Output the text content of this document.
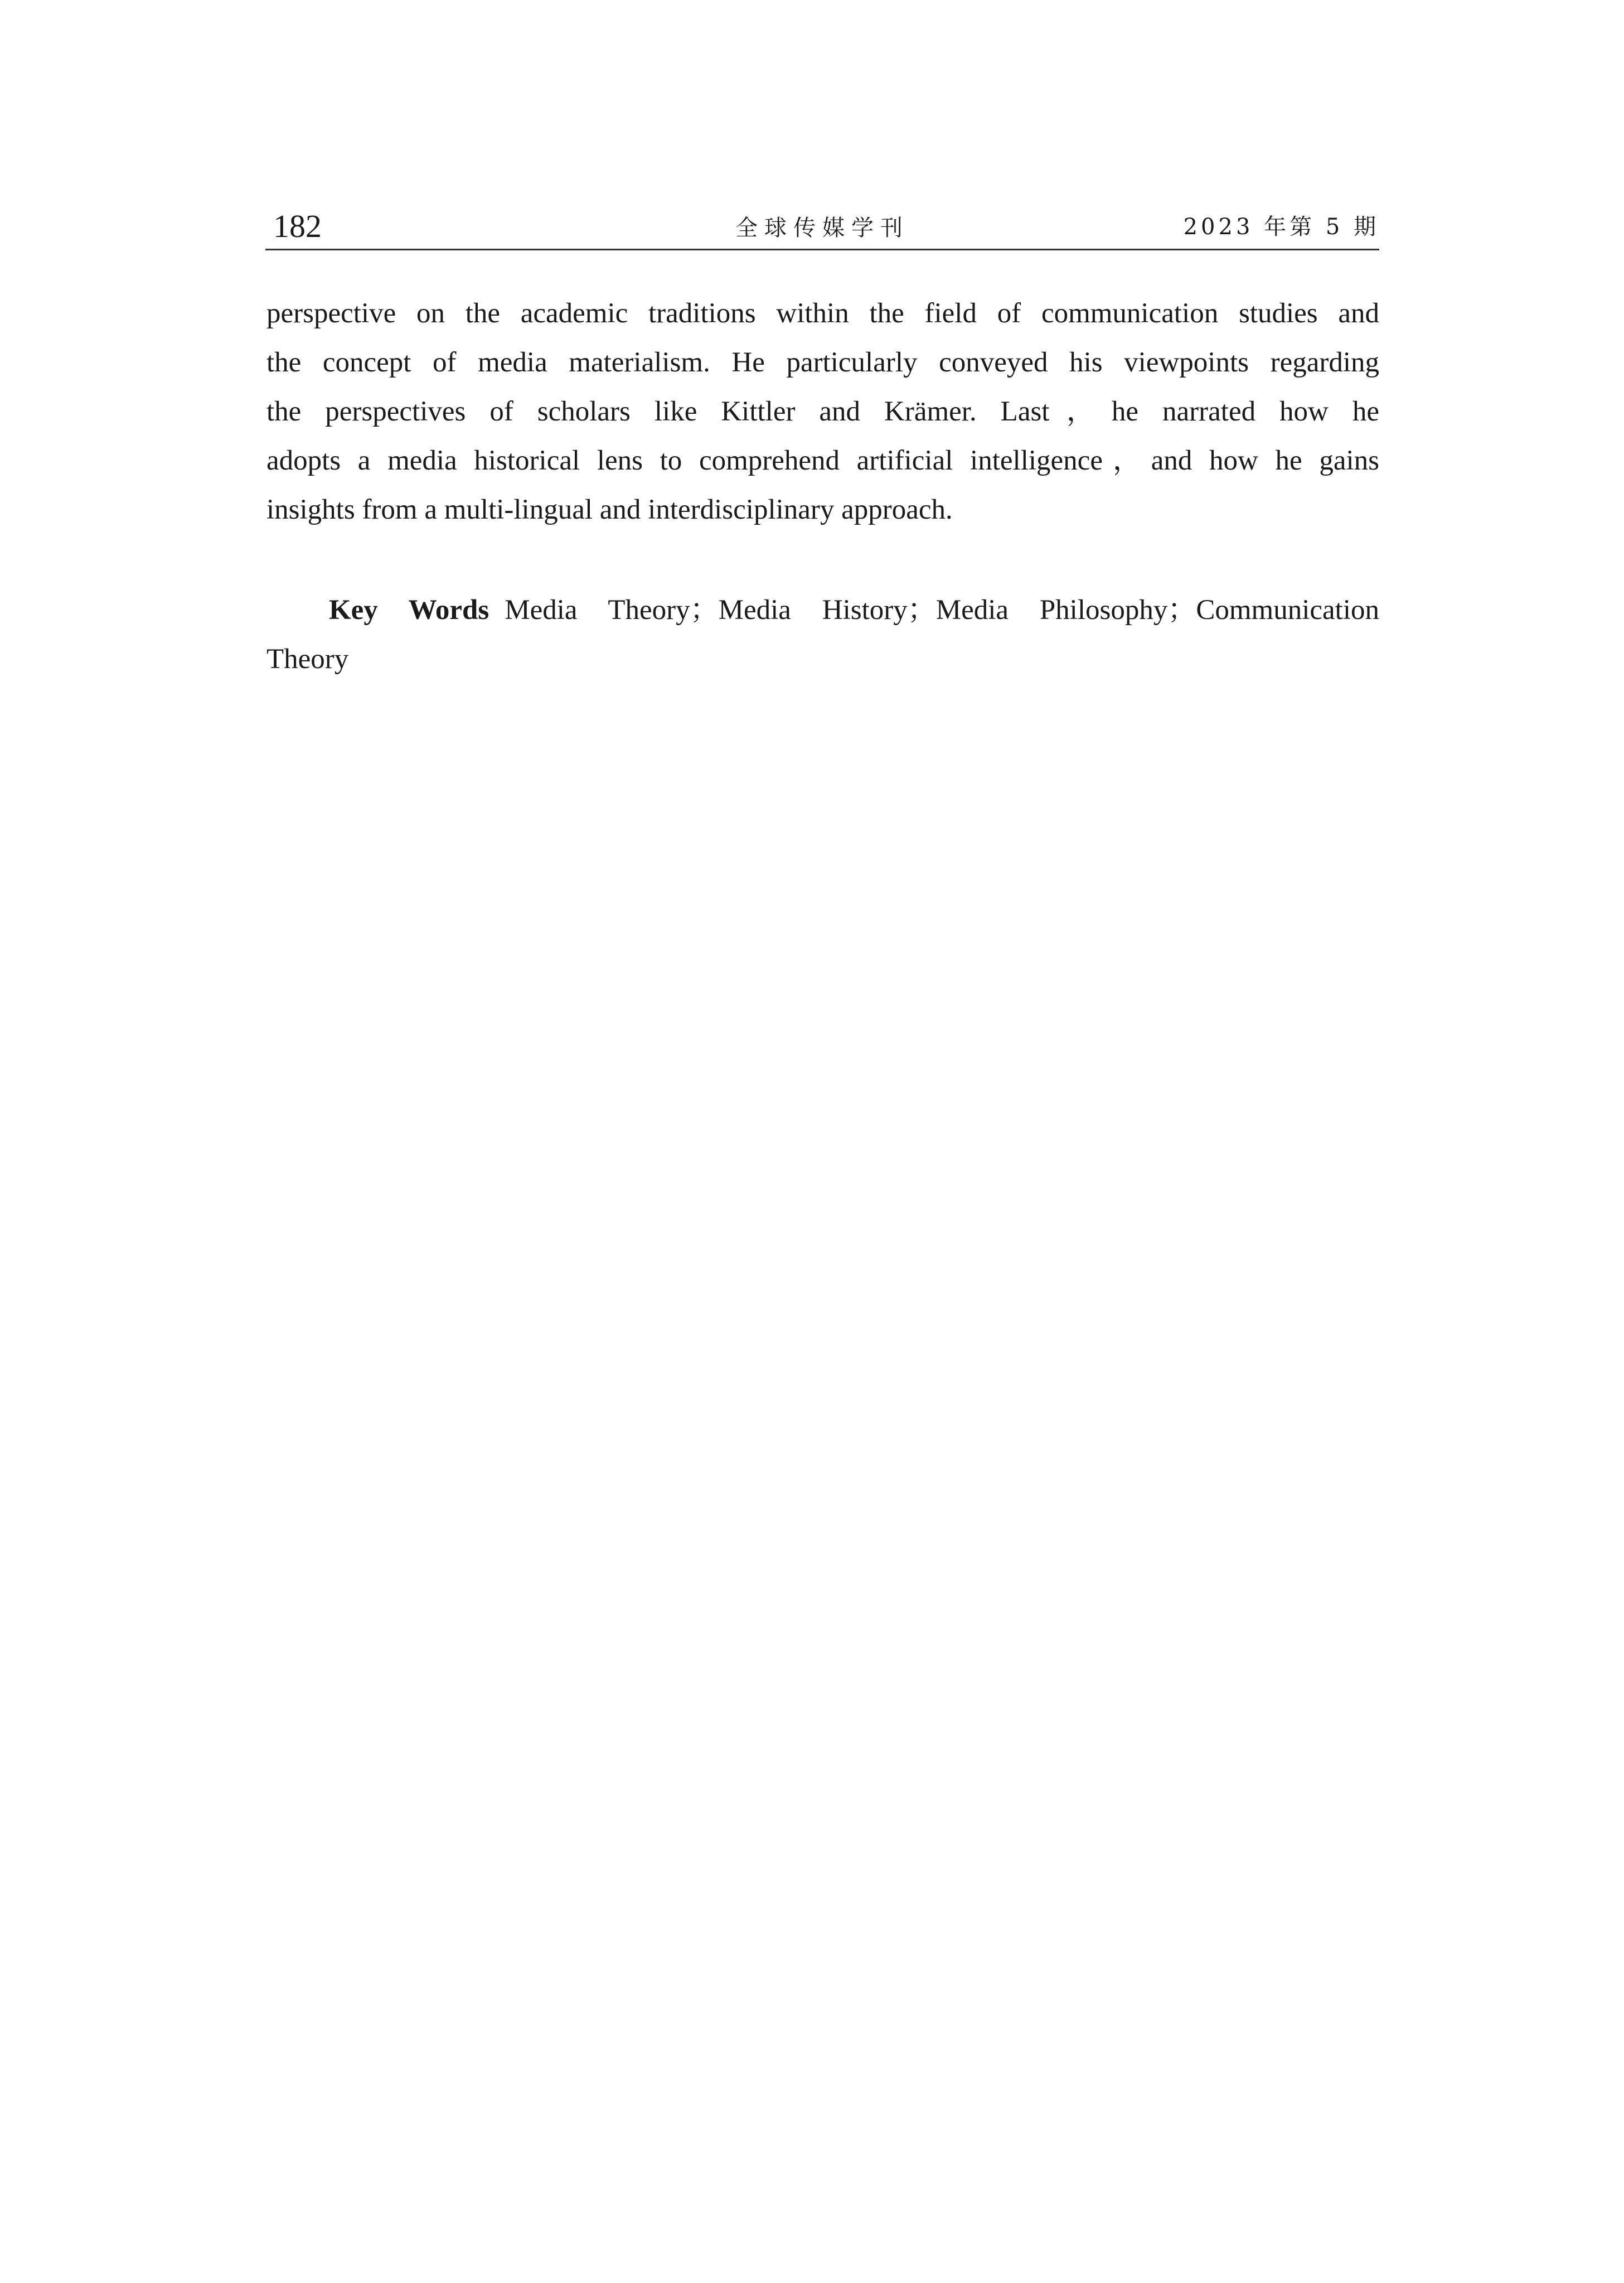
182	全球传媒学刊	2023 年第 5 期

perspective on the academic traditions within the field of communication studies and
the concept of media materialism. He particularly conveyed his viewpoints regarding
the perspectives of scholars like Kittler and Krämer. Last，he narrated how he
adopts a media historical lens to comprehend artificial intelligence，and how he gains
insights from a multi-lingual and interdisciplinary approach.

Key Words Media Theory；Media History；Media Philosophy；Communication
Theory
